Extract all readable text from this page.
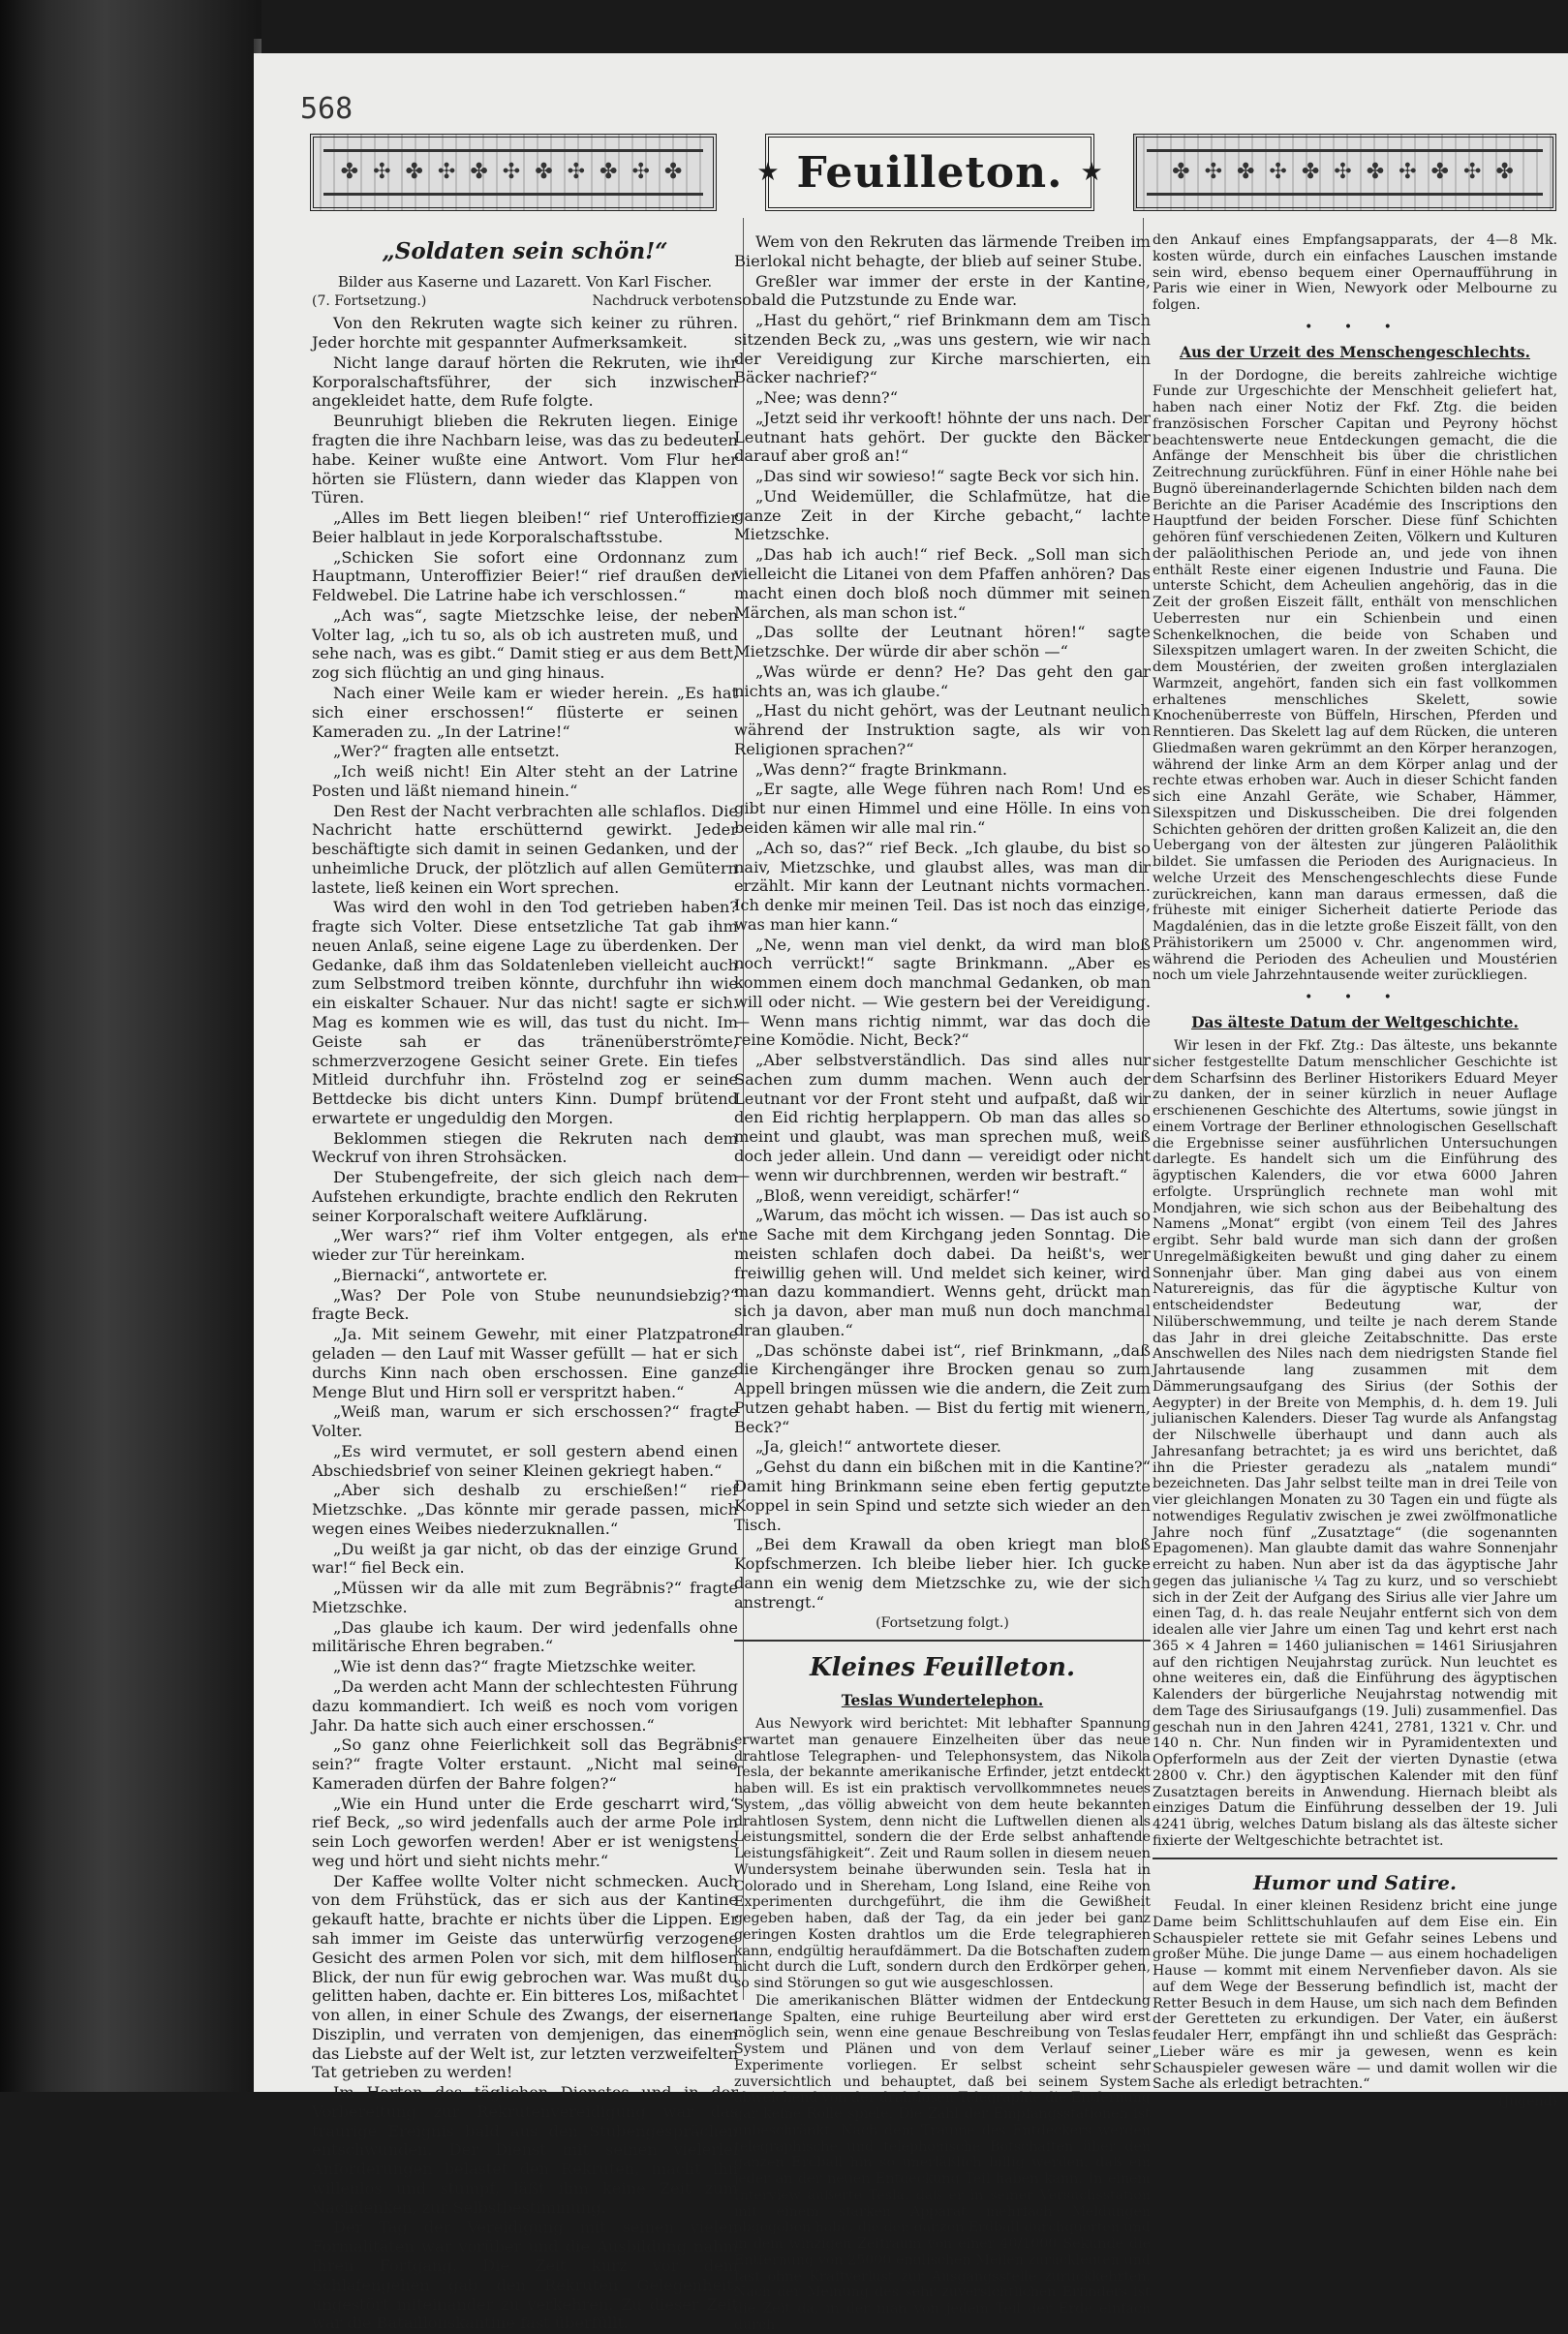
568
✤ ✣ ✤ ✣ ✤ ✣ ✤ ✣ ✤ ✣ ✤
★ Feuilleton. ★
✤ ✣ ✤ ✣ ✤ ✣ ✤ ✣ ✤ ✣ ✤
„Soldaten sein schön!“
Bilder aus Kaserne und Lazarett. Von Karl Fischer.
(7. Fortsetzung.)	Nachdruck verboten.

Von den Rekruten wagte sich keiner zu rühren. Jeder horchte mit gespannter Aufmerksamkeit.

Nicht lange darauf hörten die Rekruten, wie ihr Korporalschaftsführer, der sich inzwischen angekleidet hatte, dem Rufe folgte.

Beunruhigt blieben die Rekruten liegen. Einige fragten die ihre Nachbarn leise, was das zu bedeuten habe. Keiner wußte eine Antwort. Vom Flur her hörten sie Flüstern, dann wieder das Klappen von Türen.

„Alles im Bett liegen bleiben!“ rief Unteroffizier Beier halblaut in jede Korporalschaftsstube.

„Schicken Sie sofort eine Ordonnanz zum Hauptmann, Unteroffizier Beier!“ rief draußen der Feldwebel. Die Latrine habe ich verschlossen.“

„Ach was“, sagte Mietzschke leise, der neben Volter lag, „ich tu so, als ob ich austreten muß, und sehe nach, was es gibt.“ Damit stieg er aus dem Bett, zog sich flüchtig an und ging hinaus.

Nach einer Weile kam er wieder herein. „Es hat sich einer erschossen!“ flüsterte er seinen Kameraden zu. „In der Latrine!“

„Wer?“ fragten alle entsetzt.

„Ich weiß nicht! Ein Alter steht an der Latrine Posten und läßt niemand hinein.“

Den Rest der Nacht verbrachten alle schlaflos. Die Nachricht hatte erschütternd gewirkt. Jeder beschäftigte sich damit in seinen Gedanken, und der unheimliche Druck, der plötzlich auf allen Gemütern lastete, ließ keinen ein Wort sprechen.

Was wird den wohl in den Tod getrieben haben? fragte sich Volter. Diese entsetzliche Tat gab ihm neuen Anlaß, seine eigene Lage zu überdenken. Der Gedanke, daß ihm das Soldatenleben vielleicht auch zum Selbstmord treiben könnte, durchfuhr ihn wie ein eiskalter Schauer. Nur das nicht! sagte er sich. Mag es kommen wie es will, das tust du nicht. Im Geiste sah er das tränenüberströmte, schmerzverzogene Gesicht seiner Grete. Ein tiefes Mitleid durchfuhr ihn. Fröstelnd zog er seine Bettdecke bis dicht unters Kinn. Dumpf brütend erwartete er ungeduldig den Morgen.

Beklommen stiegen die Rekruten nach dem Weckruf von ihren Strohsäcken.

Der Stubengefreite, der sich gleich nach dem Aufstehen erkundigte, brachte endlich den Rekruten seiner Korporalschaft weitere Aufklärung.

„Wer wars?“ rief ihm Volter entgegen, als er wieder zur Tür hereinkam.

„Biernacki“, antwortete er.

„Was? Der Pole von Stube neunundsiebzig?“ fragte Beck.

„Ja. Mit seinem Gewehr, mit einer Platzpatrone geladen — den Lauf mit Wasser gefüllt — hat er sich durchs Kinn nach oben erschossen. Eine ganze Menge Blut und Hirn soll er verspritzt haben.“

„Weiß man, warum er sich erschossen?“ fragte Volter.

„Es wird vermutet, er soll gestern abend einen Abschiedsbrief von seiner Kleinen gekriegt haben.“

„Aber sich deshalb zu erschießen!“ rief Mietzschke. „Das könnte mir gerade passen, mich wegen eines Weibes niederzuknallen.“

„Du weißt ja gar nicht, ob das der einzige Grund war!“ fiel Beck ein.

„Müssen wir da alle mit zum Begräbnis?“ fragte Mietzschke.

„Das glaube ich kaum. Der wird jedenfalls ohne militärische Ehren begraben.“

„Wie ist denn das?“ fragte Mietzschke weiter.

„Da werden acht Mann der schlechtesten Führung dazu kommandiert. Ich weiß es noch vom vorigen Jahr. Da hatte sich auch einer erschossen.“

„So ganz ohne Feierlichkeit soll das Begräbnis sein?“ fragte Volter erstaunt. „Nicht mal seine Kameraden dürfen der Bahre folgen?“

„Wie ein Hund unter die Erde gescharrt wird,“ rief Beck, „so wird jedenfalls auch der arme Pole in sein Loch geworfen werden! Aber er ist wenigstens weg und hört und sieht nichts mehr.“

Der Kaffee wollte Volter nicht schmecken. Auch von dem Frühstück, das er sich aus der Kantine gekauft hatte, brachte er nichts über die Lippen. Er sah immer im Geiste das unterwürfig verzogene Gesicht des armen Polen vor sich, mit dem hilflosen Blick, der nun für ewig gebrochen war. Was mußt du gelitten haben, dachte er. Ein bitteres Los, mißachtet von allen, in einer Schule des Zwangs, der eisernen Disziplin, und verraten von demjenigen, das einem das Liebste auf der Welt ist, zur letzten verzweifelten Tat getrieben zu werden!

Im Harten des täglichen Dienstes und in der Vorbereitung zur Rekrutenvereidigung war das traurige Ereignis bald aus den Stubengesprächen entschwunden. Der Dienst mit seinen vielerlei Anforderungen belastet den Rekruten, macht ihn willenlos und stumpf, läßt ihm keine Zeit zum Nachdenken, zur Selbstbestimmung.

Der Tag der Vereidigung mit seinen vielen Formalitäten war vorüber und die Ausbildung nahm ihren Fortgang. Die Zeit kurz vor dem Schlafengehen gab den Rekruten Gelegenheit, ungestört miteinander zu verkehren. Zu dieser Zeit war die Bataillonskantine fast überfüllt.

Wem von den Rekruten das lärmende Treiben im Bierlokal nicht behagte, der blieb auf seiner Stube.

Greßler war immer der erste in der Kantine, sobald die Putzstunde zu Ende war.

„Hast du gehört,“ rief Brinkmann dem am Tisch sitzenden Beck zu, „was uns gestern, wie wir nach der Vereidigung zur Kirche marschierten, ein Bäcker nachrief?“

„Nee; was denn?“

„Jetzt seid ihr verkooft! höhnte der uns nach. Der Leutnant hats gehört. Der guckte den Bäcker darauf aber groß an!“

„Das sind wir sowieso!“ sagte Beck vor sich hin.

„Und Weidemüller, die Schlafmütze, hat die ganze Zeit in der Kirche gebacht,“ lachte Mietzschke.

„Das hab ich auch!“ rief Beck. „Soll man sich vielleicht die Litanei von dem Pfaffen anhören? Das macht einen doch bloß noch dümmer mit seinen Märchen, als man schon ist.“

„Das sollte der Leutnant hören!“ sagte Mietzschke. Der würde dir aber schön —“

„Was würde er denn? He? Das geht den gar nichts an, was ich glaube.“

„Hast du nicht gehört, was der Leutnant neulich während der Instruktion sagte, als wir von Religionen sprachen?“

„Was denn?“ fragte Brinkmann.

„Er sagte, alle Wege führen nach Rom! Und es gibt nur einen Himmel und eine Hölle. In eins von beiden kämen wir alle mal rin.“

„Ach so, das?“ rief Beck. „Ich glaube, du bist so naiv, Mietzschke, und glaubst alles, was man dir erzählt. Mir kann der Leutnant nichts vormachen. Ich denke mir meinen Teil. Das ist noch das einzige, was man hier kann.“

„Ne, wenn man viel denkt, da wird man bloß noch verrückt!“ sagte Brinkmann. „Aber es kommen einem doch manchmal Gedanken, ob man will oder nicht. — Wie gestern bei der Vereidigung. — Wenn mans richtig nimmt, war das doch die reine Komödie. Nicht, Beck?“

„Aber selbstverständlich. Das sind alles nur Sachen zum dumm machen. Wenn auch der Leutnant vor der Front steht und aufpaßt, daß wir den Eid richtig herplappern. Ob man das alles so meint und glaubt, was man sprechen muß, weiß doch jeder allein. Und dann — vereidigt oder nicht — wenn wir durchbrennen, werden wir bestraft.“

„Bloß, wenn vereidigt, schärfer!“

„Warum, das möcht ich wissen. — Das ist auch so 'ne Sache mit dem Kirchgang jeden Sonntag. Die meisten schlafen doch dabei. Da heißt's, wer freiwillig gehen will. Und meldet sich keiner, wird man dazu kommandiert. Wenns geht, drückt man sich ja davon, aber man muß nun doch manchmal dran glauben.“

„Das schönste dabei ist“, rief Brinkmann, „daß die Kirchengänger ihre Brocken genau so zum Appell bringen müssen wie die andern, die Zeit zum Putzen gehabt haben. — Bist du fertig mit wienern, Beck?“

„Ja, gleich!“ antwortete dieser.

„Gehst du dann ein bißchen mit in die Kantine?“ Damit hing Brinkmann seine eben fertig geputzte Koppel in sein Spind und setzte sich wieder an den Tisch.

„Bei dem Krawall da oben kriegt man bloß Kopfschmerzen. Ich bleibe lieber hier. Ich gucke dann ein wenig dem Mietzschke zu, wie der sich anstrengt.“

(Fortsetzung folgt.)
Kleines Feuilleton.
Teslas Wundertelephon.

Aus Newyork wird berichtet: Mit lebhafter Spannung erwartet man genauere Einzelheiten über das neue drahtlose Telegraphen- und Telephonsystem, das Nikola Tesla, der bekannte amerikanische Erfinder, jetzt entdeckt haben will. Es ist ein praktisch vervollkommnetes neues System, „das völlig abweicht von dem heute bekannten drahtlosen System, denn nicht die Luftwellen dienen als Leistungsmittel, sondern die der Erde selbst anhaftende Leistungsfähigkeit“. Zeit und Raum sollen in diesem neuen Wundersystem beinahe überwunden sein. Tesla hat in Colorado und in Shereham, Long Island, eine Reihe von Experimenten durchgeführt, die ihm die Gewißheit gegeben haben, daß der Tag, da ein jeder bei ganz geringen Kosten drahtlos um die Erde telegraphieren kann, endgültig heraufdämmert. Da die Botschaften zudem nicht durch die Luft, sondern durch den Erdkörper gehen, so sind Störungen so gut wie ausgeschlossen.

Die amerikanischen Blätter widmen der Entdeckung lange Spalten, eine ruhige Beurteilung aber wird erst möglich sein, wenn eine genaue Beschreibung von Teslas System und Plänen und von dem Verlauf seiner Experimente vorliegen. Er selbst scheint sehr zuversichtlich und behauptet, daß bei seinem System abweichend von der drahtlosen Telegraphie die Entfernung gar keine Rolle spiele. Die Zahl der Empfangsstationen ist unbeschränkt. Nach dem Traume des Entdeckers werden telegraphische und telephonische Botschaften über den ganzen Erdball hin so unerläßlich billig werden, daß ein jeder an der neuen Entdeckung Teil haben kann. In einem Interview äußerte Tesla, daß er in seiner Versuchsstation mit einem starken Apparat mehrfach Meldungen abgegeben habe, die den ganzen Erdball durchquerten und in dem winzigen Zeitraum von einer 40/1000 Sekunde die Entfernung von 25000 englischen Meilen zurücklegten und fast ohne Kraftverlust zur Ausgangsstelle zurückkehrten. Nach der Meinung des sehr zuversichtlichen Erfinders ist die Zeit da, in der man von jedem Teil der Erde einfach durch

den Ankauf eines Empfangsapparats, der 4—8 Mk. kosten würde, durch ein einfaches Lauschen imstande sein wird, ebenso bequem einer Opernaufführung in Paris wie einer in Wien, Newyork oder Melbourne zu folgen.

• • •
Aus der Urzeit des Menschengeschlechts.

In der Dordogne, die bereits zahlreiche wichtige Funde zur Urgeschichte der Menschheit geliefert hat, haben nach einer Notiz der Fkf. Ztg. die beiden französischen Forscher Capitan und Peyrony höchst beachtenswerte neue Entdeckungen gemacht, die die Anfänge der Menschheit bis über die christlichen Zeitrechnung zurückführen. Fünf in einer Höhle nahe bei Bugnö übereinanderlagernde Schichten bilden nach dem Berichte an die Pariser Académie des Inscriptions den Hauptfund der beiden Forscher. Diese fünf Schichten gehören fünf verschiedenen Zeiten, Völkern und Kulturen der paläolithischen Periode an, und jede von ihnen enthält Reste einer eigenen Industrie und Fauna. Die unterste Schicht, dem Acheulien angehörig, das in die Zeit der großen Eiszeit fällt, enthält von menschlichen Ueberresten nur ein Schienbein und einen Schenkelknochen, die beide von Schaben und Silexspitzen umlagert waren. In der zweiten Schicht, die dem Moustérien, der zweiten großen interglazialen Warmzeit, angehört, fanden sich ein fast vollkommen erhaltenes menschliches Skelett, sowie Knochenüberreste von Büffeln, Hirschen, Pferden und Renntieren. Das Skelett lag auf dem Rücken, die unteren Gliedmaßen waren gekrümmt an den Körper heranzogen, während der linke Arm an dem Körper anlag und der rechte etwas erhoben war. Auch in dieser Schicht fanden sich eine Anzahl Geräte, wie Schaber, Hämmer, Silexspitzen und Diskusscheiben. Die drei folgenden Schichten gehören der dritten großen Kalizeit an, die den Uebergang von der ältesten zur jüngeren Paläolithik bildet. Sie umfassen die Perioden des Aurignacieus. In welche Urzeit des Menschengeschlechts diese Funde zurückreichen, kann man daraus ermessen, daß die früheste mit einiger Sicherheit datierte Periode das Magdalénien, das in die letzte große Eiszeit fällt, von den Prähistorikern um 25000 v. Chr. angenommen wird, während die Perioden des Acheulien und Moustérien noch um viele Jahrzehntausende weiter zurückliegen.

• • •
Das älteste Datum der Weltgeschichte.

Wir lesen in der Fkf. Ztg.: Das älteste, uns bekannte sicher festgestellte Datum menschlicher Geschichte ist dem Scharfsinn des Berliner Historikers Eduard Meyer zu danken, der in seiner kürzlich in neuer Auflage erschienenen Geschichte des Altertums, sowie jüngst in einem Vortrage der Berliner ethnologischen Gesellschaft die Ergebnisse seiner ausführlichen Untersuchungen darlegte. Es handelt sich um die Einführung des ägyptischen Kalenders, die vor etwa 6000 Jahren erfolgte. Ursprünglich rechnete man wohl mit Mondjahren, wie sich schon aus der Beibehaltung des Namens „Monat“ ergibt (von einem Teil des Jahres ergibt. Sehr bald wurde man sich dann der großen Unregelmäßigkeiten bewußt und ging daher zu einem Sonnenjahr über. Man ging dabei aus von einem Naturereignis, das für die ägyptische Kultur von entscheidendster Bedeutung war, der Nilüberschwemmung, und teilte je nach derem Stande das Jahr in drei gleiche Zeitabschnitte. Das erste Anschwellen des Niles nach dem niedrigsten Stande fiel Jahrtausende lang zusammen mit dem Dämmerungsaufgang des Sirius (der Sothis der Aegypter) in der Breite von Memphis, d. h. dem 19. Juli julianischen Kalenders. Dieser Tag wurde als Anfangstag der Nilschwelle überhaupt und dann auch als Jahresanfang betrachtet; ja es wird uns berichtet, daß ihn die Priester geradezu als „natalem mundi“ bezeichneten. Das Jahr selbst teilte man in drei Teile von vier gleichlangen Monaten zu 30 Tagen ein und fügte als notwendiges Regulativ zwischen je zwei zwölfmonatliche Jahre noch fünf „Zusatztage“ (die sogenannten Epagomenen). Man glaubte damit das wahre Sonnenjahr erreicht zu haben. Nun aber ist da das ägyptische Jahr gegen das julianische ¼ Tag zu kurz, und so verschiebt sich in der Zeit der Aufgang des Sirius alle vier Jahre um einen Tag, d. h. das reale Neujahr entfernt sich von dem idealen alle vier Jahre um einen Tag und kehrt erst nach 365 × 4 Jahren = 1460 julianischen = 1461 Siriusjahren auf den richtigen Neujahrstag zurück. Nun leuchtet es ohne weiteres ein, daß die Einführung des ägyptischen Kalenders der bürgerliche Neujahrstag notwendig mit dem Tage des Siriusaufgangs (19. Juli) zusammenfiel. Das geschah nun in den Jahren 4241, 2781, 1321 v. Chr. und 140 n. Chr. Nun finden wir in Pyramidentexten und Opferformeln aus der Zeit der vierten Dynastie (etwa 2800 v. Chr.) den ägyptischen Kalender mit den fünf Zusatztagen bereits in Anwendung. Hiernach bleibt als einziges Datum die Einführung desselben der 19. Juli 4241 übrig, welches Datum bislang als das älteste sicher fixierte der Weltgeschichte betrachtet ist.

Humor und Satire.

Feudal. In einer kleinen Residenz bricht eine junge Dame beim Schlittschuhlaufen auf dem Eise ein. Ein Schauspieler rettete sie mit Gefahr seines Lebens und großer Mühe. Die junge Dame — aus einem hochadeligen Hause — kommt mit einem Nervenfieber davon. Als sie auf dem Wege der Besserung befindlich ist, macht der Retter Besuch in dem Hause, um sich nach dem Befinden der Geretteten zu erkundigen. Der Vater, ein äußerst feudaler Herr, empfängt ihn und schließt das Gespräch: „Lieber wäre es mir ja gewesen, wenn es kein Schauspieler gewesen wäre — und damit wollen wir die Sache als erledigt betrachten.“

(Jugend)
